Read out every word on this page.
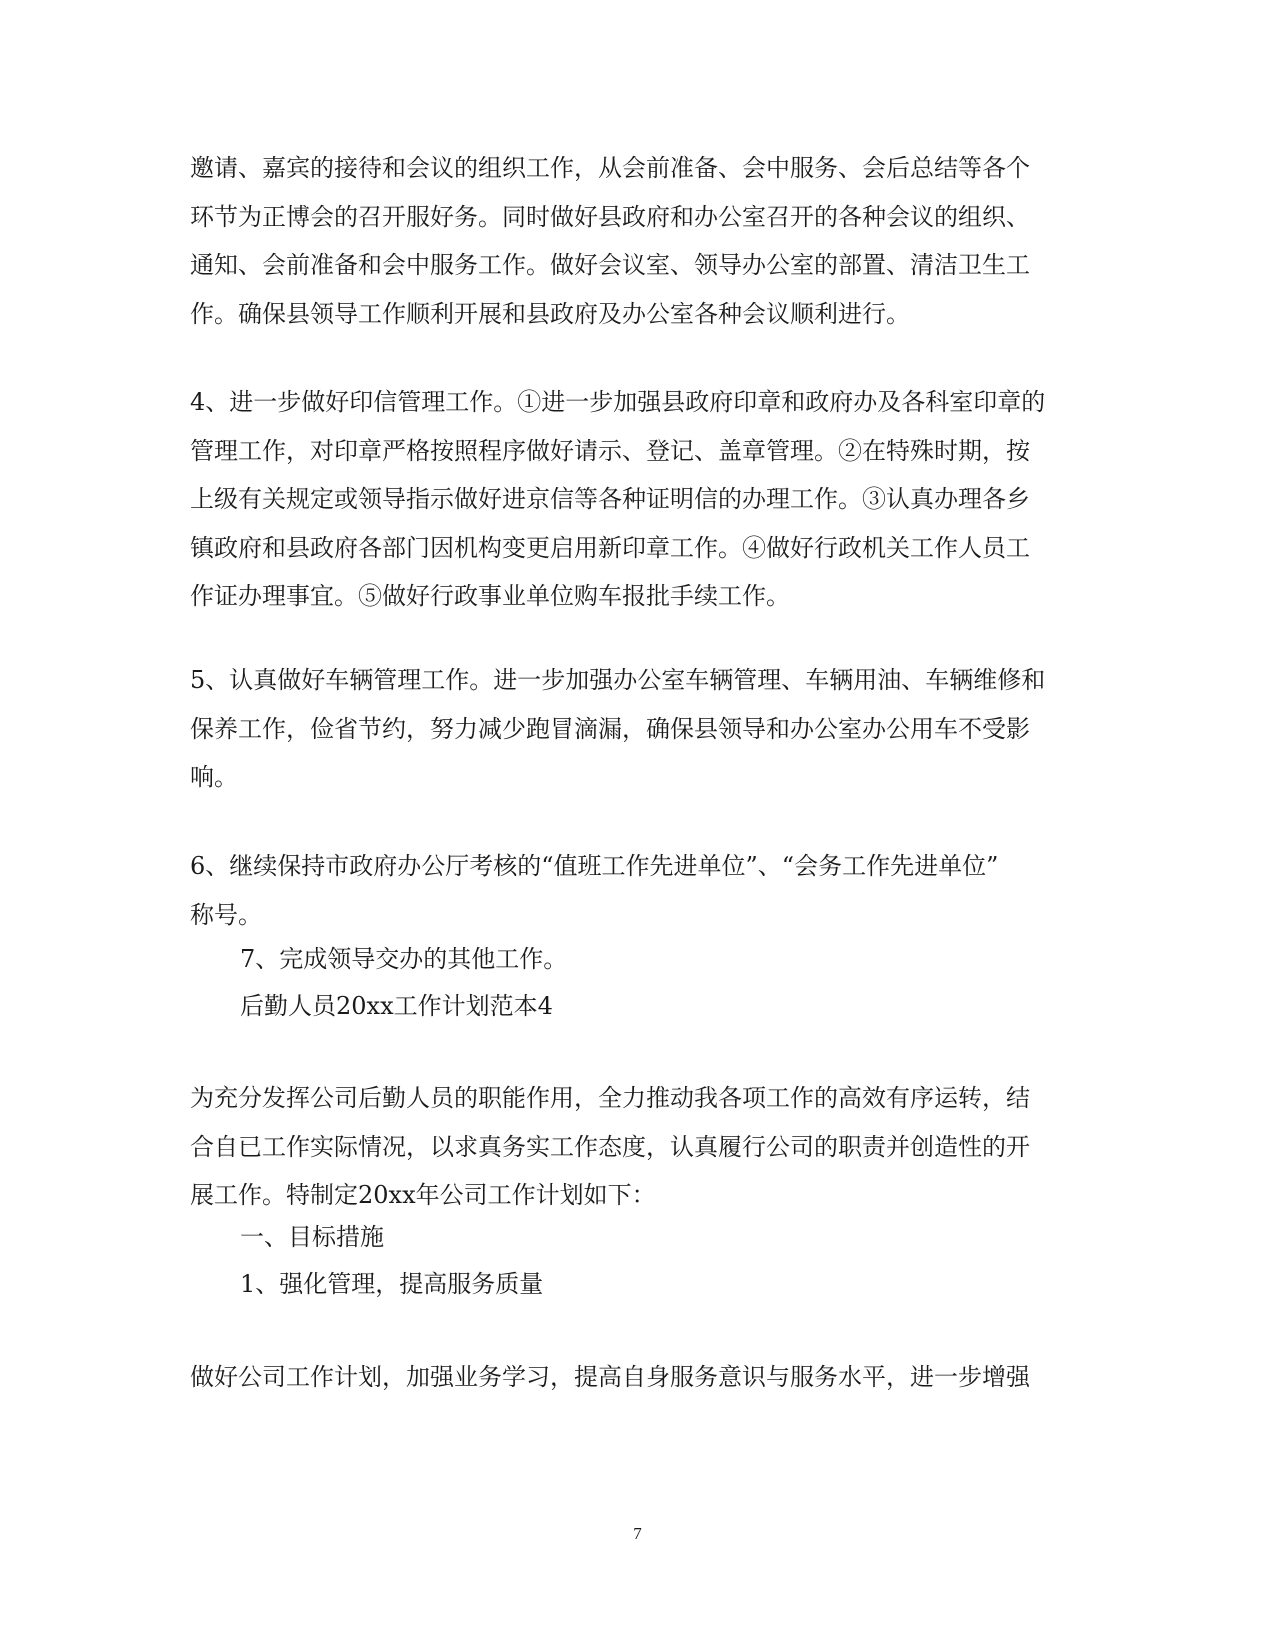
邀请、嘉宾的接待和会议的组织工作，从会前准备、会中服务、会后总结等各个
环节为正博会的召开服好务。同时做好县政府和办公室召开的各种会议的组织、
通知、会前准备和会中服务工作。做好会议室、领导办公室的部置、清洁卫生工
作。确保县领导工作顺利开展和县政府及办公室各种会议顺利进行。

4、进一步做好印信管理工作。①进一步加强县政府印章和政府办及各科室印章的
管理工作，对印章严格按照程序做好请示、登记、盖章管理。②在特殊时期，按
上级有关规定或领导指示做好进京信等各种证明信的办理工作。③认真办理各乡
镇政府和县政府各部门因机构变更启用新印章工作。④做好行政机关工作人员工
作证办理事宜。⑤做好行政事业单位购车报批手续工作。

5、认真做好车辆管理工作。进一步加强办公室车辆管理、车辆用油、车辆维修和
保养工作，俭省节约，努力减少跑冒滴漏，确保县领导和办公室办公用车不受影
响。

6、继续保持市政府办公厅考核的“值班工作先进单位”、“会务工作先进单位”
称号。

7、完成领导交办的其他工作。

后勤人员20xx工作计划范本4

为充分发挥公司后勤人员的职能作用，全力推动我各项工作的高效有序运转，结
合自已工作实际情况，以求真务实工作态度，认真履行公司的职责并创造性的开
展工作。特制定20xx年公司工作计划如下：

一、目标措施

1、强化管理，提高服务质量

做好公司工作计划，加强业务学习，提高自身服务意识与服务水平，进一步增强

7
